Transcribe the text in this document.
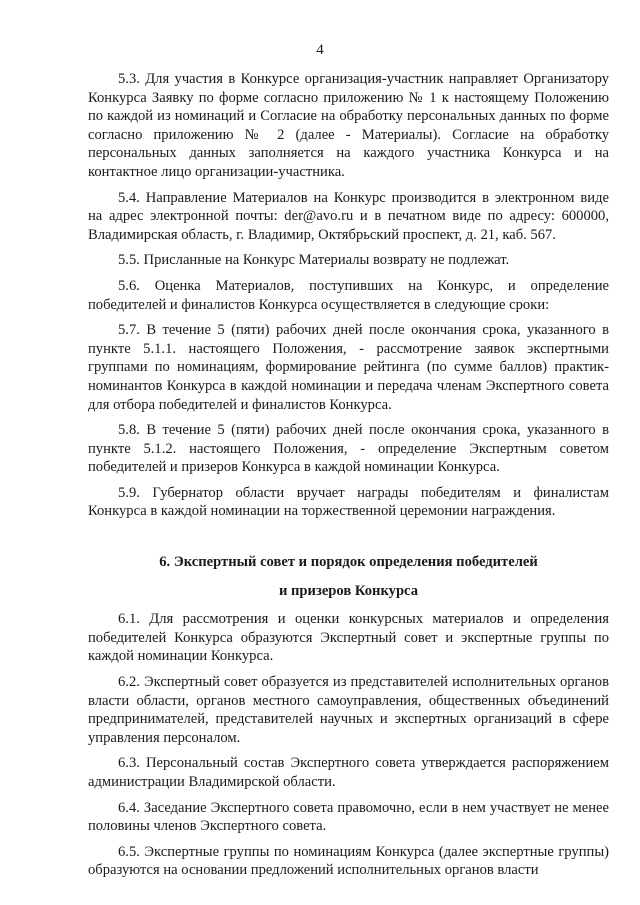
4

5.3. Для участия в Конкурсе организация-участник направляет Организатору Конкурса Заявку по форме согласно приложению № 1 к настоящему Положению по каждой из номинаций и Согласие на обработку персональных данных по форме согласно приложению № 2 (далее - Материалы). Согласие на обработку персональных данных заполняется на каждого участника Конкурса и на контактное лицо организации-участника.

5.4. Направление Материалов на Конкурс производится в электронном виде на адрес электронной почты: der@avo.ru и в печатном виде по адресу: 600000, Владимирская область, г. Владимир, Октябрьский проспект, д. 21, каб. 567.

5.5. Присланные на Конкурс Материалы возврату не подлежат.

5.6. Оценка Материалов, поступивших на Конкурс, и определение победителей и финалистов Конкурса осуществляется в следующие сроки:

5.7. В течение 5 (пяти) рабочих дней после окончания срока, указанного в пункте 5.1.1. настоящего Положения, - рассмотрение заявок экспертными группами по номинациям, формирование рейтинга (по сумме баллов) практик-номинантов Конкурса в каждой номинации и передача членам Экспертного совета для отбора победителей и финалистов Конкурса.

5.8. В течение 5 (пяти) рабочих дней после окончания срока, указанного в пункте 5.1.2. настоящего Положения, - определение Экспертным советом победителей и призеров Конкурса в каждой номинации Конкурса.

5.9. Губернатор области вручает награды победителям и финалистам Конкурса в каждой номинации на торжественной церемонии награждения.

6. Экспертный совет и порядок определения победителей

и призеров Конкурса

6.1. Для рассмотрения и оценки конкурсных материалов и определения победителей Конкурса образуются Экспертный совет и экспертные группы по каждой номинации Конкурса.

6.2. Экспертный совет образуется из представителей исполнительных органов власти области, органов местного самоуправления, общественных объединений предпринимателей, представителей научных и экспертных организаций в сфере управления персоналом.

6.3. Персональный состав Экспертного совета утверждается распоряжением администрации Владимирской области.

6.4. Заседание Экспертного совета правомочно, если в нем участвует не менее половины членов Экспертного совета.

6.5. Экспертные группы по номинациям Конкурса (далее экспертные группы) образуются на основании предложений исполнительных органов власти
